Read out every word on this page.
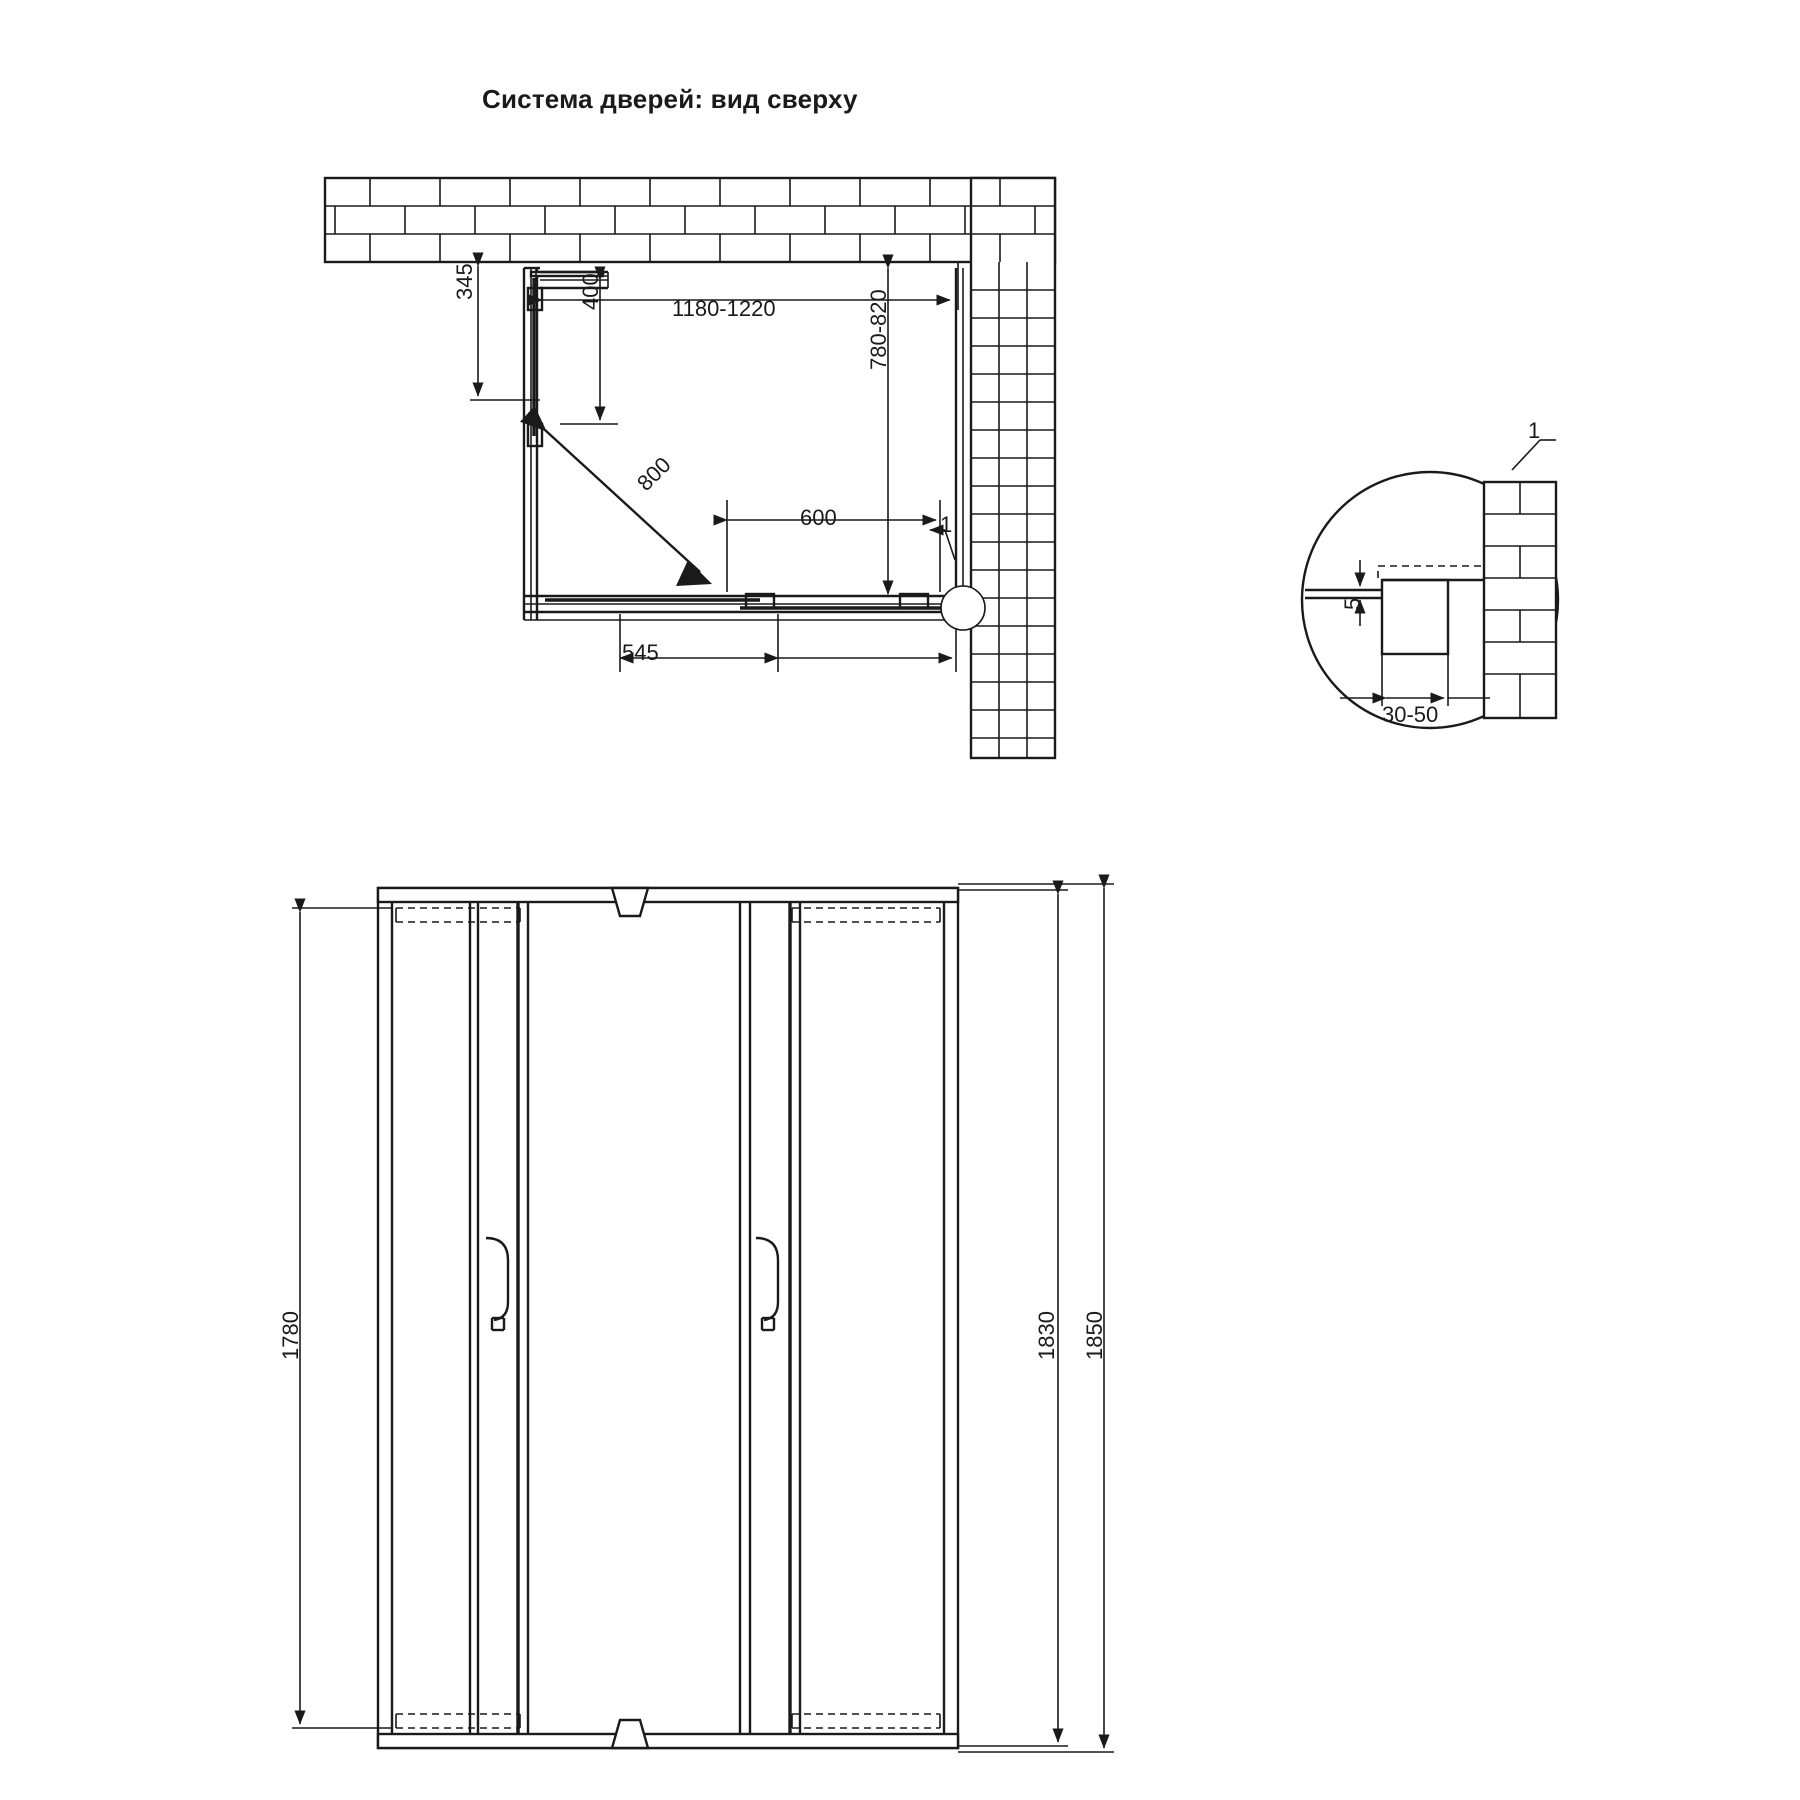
Система дверей: вид сверху
1180-1220	780-820
345	400
800
600
545
1
1
5
30-50
1780	1830 1850
